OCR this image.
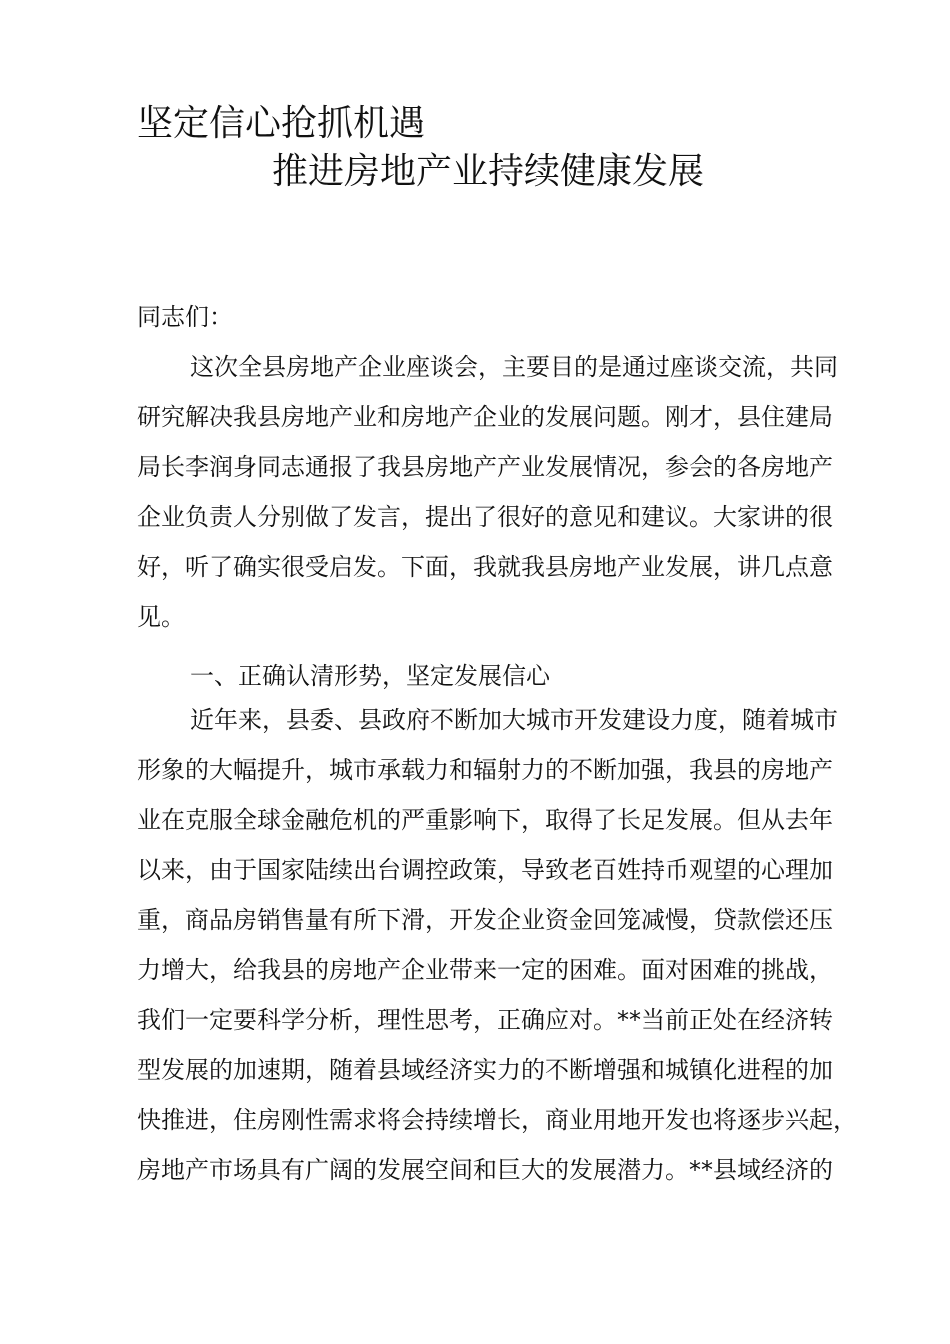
坚定信心抢抓机遇
推进房地产业持续健康发展
同志们：
这次全县房地产企业座谈会，主要目的是通过座谈交流，共同
研究解决我县房地产业和房地产企业的发展问题。刚才，县住建局
局长李润身同志通报了我县房地产产业发展情况，参会的各房地产
企业负责人分别做了发言，提出了很好的意见和建议。大家讲的很
好，听了确实很受启发。下面，我就我县房地产业发展，讲几点意
见。
一、正确认清形势，坚定发展信心
近年来，县委、县政府不断加大城市开发建设力度，随着城市
形象的大幅提升，城市承载力和辐射力的不断加强，我县的房地产
业在克服全球金融危机的严重影响下，取得了长足发展。但从去年
以来，由于国家陆续出台调控政策，导致老百姓持币观望的心理加
重，商品房销售量有所下滑，开发企业资金回笼减慢，贷款偿还压
力增大，给我县的房地产企业带来一定的困难。面对困难的挑战，
我们一定要科学分析，理性思考，正确应对。**当前正处在经济转
型发展的加速期，随着县域经济实力的不断增强和城镇化进程的加
快推进，住房刚性需求将会持续增长，商业用地开发也将逐步兴起，
房地产市场具有广阔的发展空间和巨大的发展潜力。**县域经济的
